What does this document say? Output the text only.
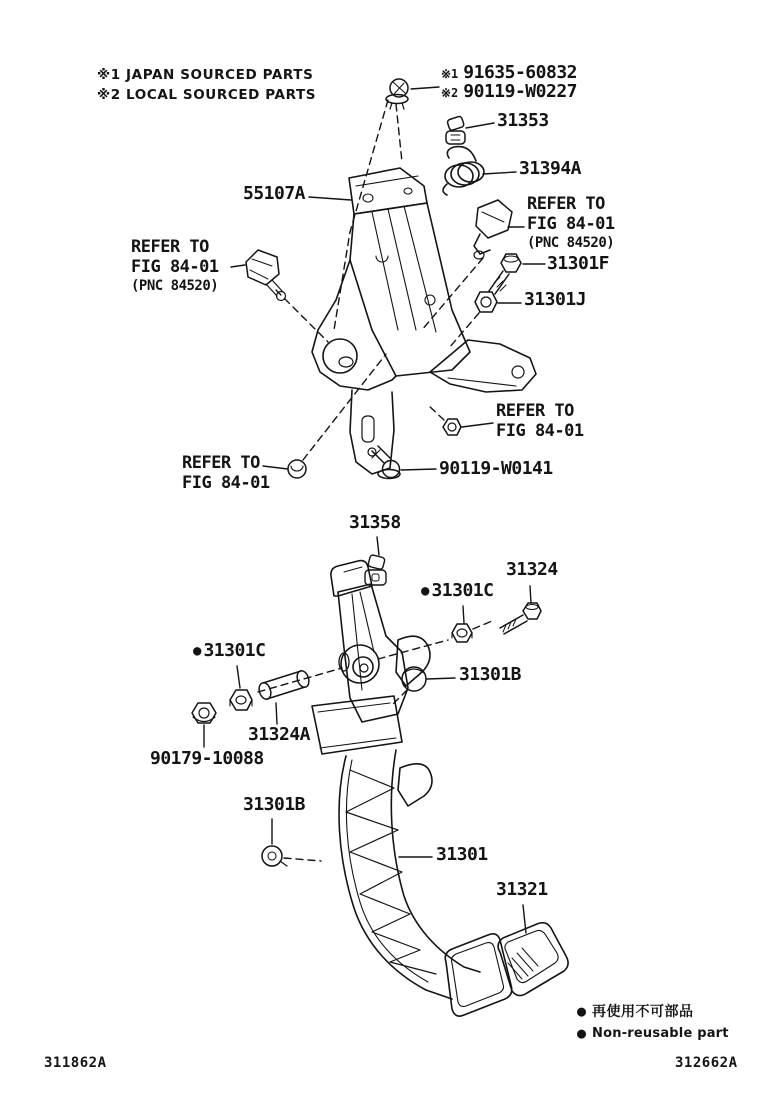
※1 JAPAN SOURCED PARTS
※2 LOCAL SOURCED PARTS
※1 91635-60832
※2 90119-W0227
31353
31394A
55107A	REFER TO
FIG 84-01
(PNC 84520)
31301F
31301J
REFER TO
FIG 84-01
(PNC 84520)
REFER TO
FIG 84-01
REFER TO
FIG 84-01
90119-W0141
31358
31324
● 31301C
● 31301C
31301B
31324A
90179-10088
31301B
31301
31321
● 再使用不可部品
● Non-reusable part
311862A	312662A
